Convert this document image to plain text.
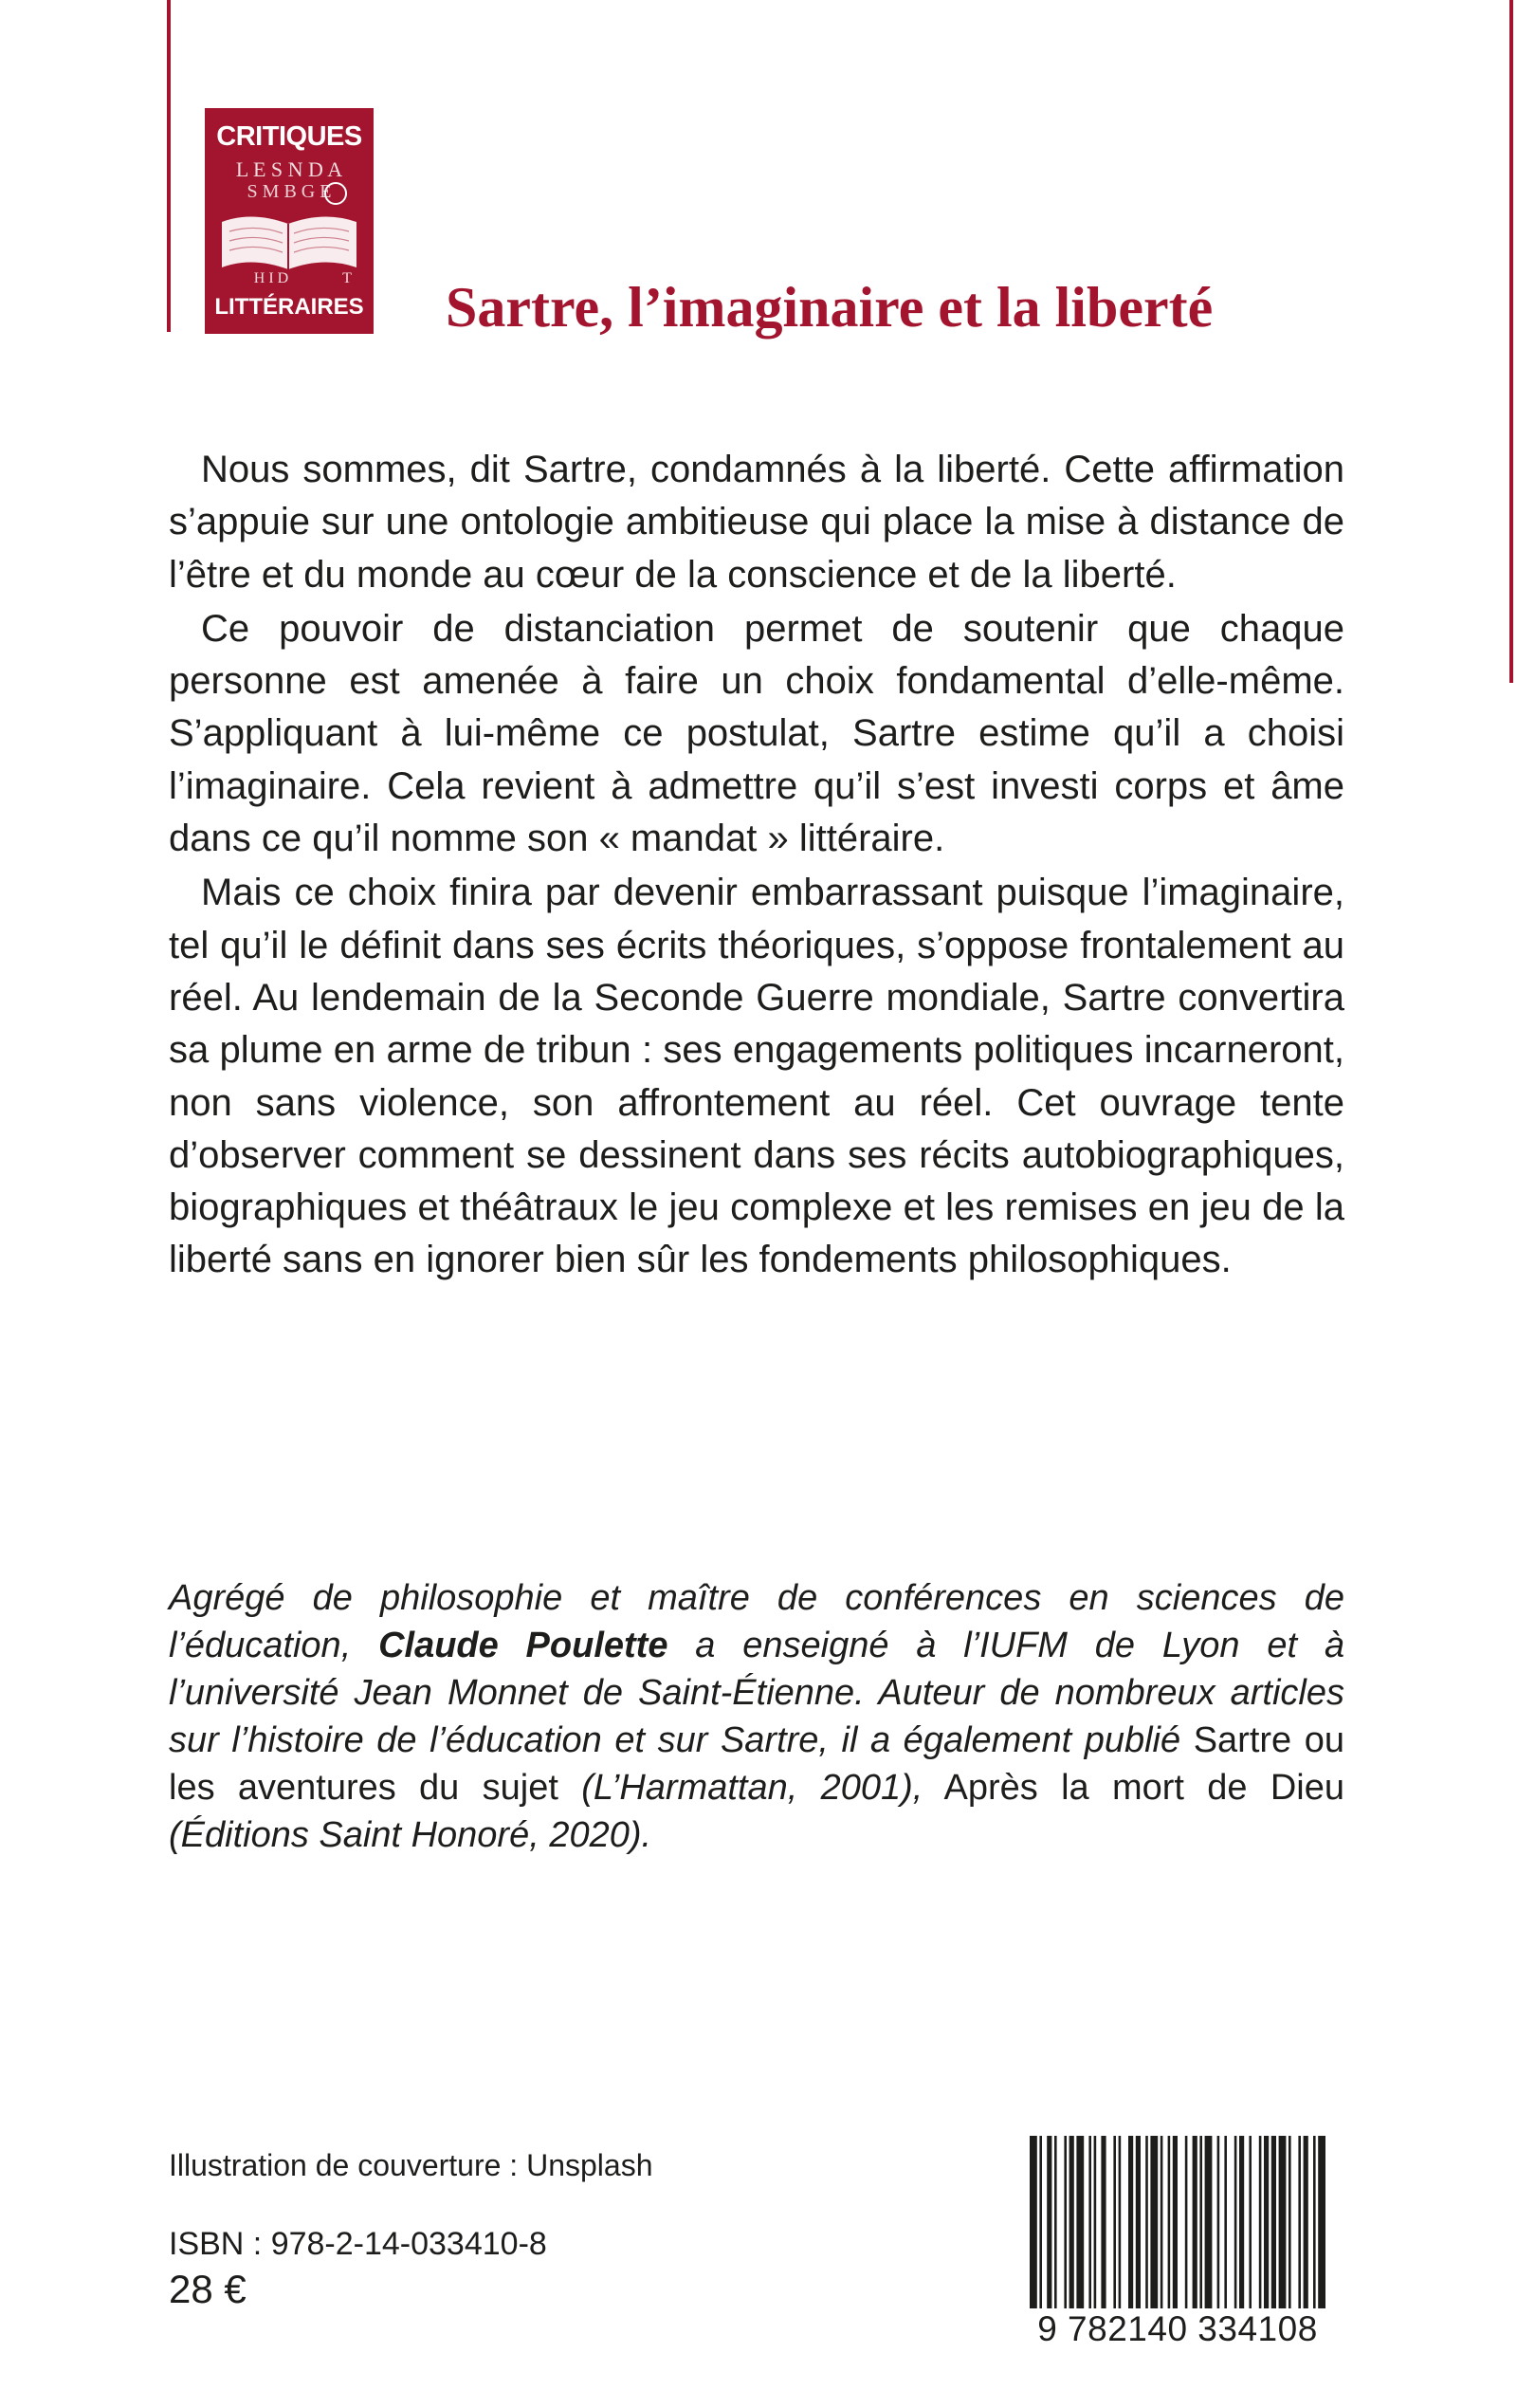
CRITIQUES
L E S N D A
S M B G E
H I D	T
LITTÉRAIRES Sartre, l’imaginaire et la liberté

Nous sommes, dit Sartre, condamnés à la liberté. Cette affirmation s’appuie sur une ontologie ambitieuse qui place la mise à distance de l’être et du monde au cœur de la conscience et de la liberté.

Ce pouvoir de distanciation permet de soutenir que chaque personne est amenée à faire un choix fondamental d’elle-même. S’appliquant à lui-même ce postulat, Sartre estime qu’il a choisi l’imaginaire. Cela revient à admettre qu’il s’est investi corps et âme dans ce qu’il nomme son « mandat » littéraire.

Mais ce choix finira par devenir embarrassant puisque l’imaginaire, tel qu’il le définit dans ses écrits théoriques, s’oppose frontalement au réel. Au lendemain de la Seconde Guerre mondiale, Sartre convertira sa plume en arme de tribun : ses engagements politiques incarneront, non sans violence, son affrontement au réel. Cet ouvrage tente d’observer comment se dessinent dans ses récits autobiographiques, biographiques et théâtraux le jeu complexe et les remises en jeu de la liberté sans en ignorer bien sûr les fondements philosophiques.

Agrégé de philosophie et maître de conférences en sciences de l’éducation, Claude Poulette a enseigné à l’IUFM de Lyon et à l’université Jean Monnet de Saint-Étienne. Auteur de nombreux articles sur l’histoire de l’éducation et sur Sartre, il a également publié Sartre ou les aventures du sujet (L’Harmattan, 2001), Après la mort de Dieu (Éditions Saint Honoré, 2020).

Illustration de couverture : Unsplash

ISBN : 978-2-14-033410-8

28 €

9 782140 334108
